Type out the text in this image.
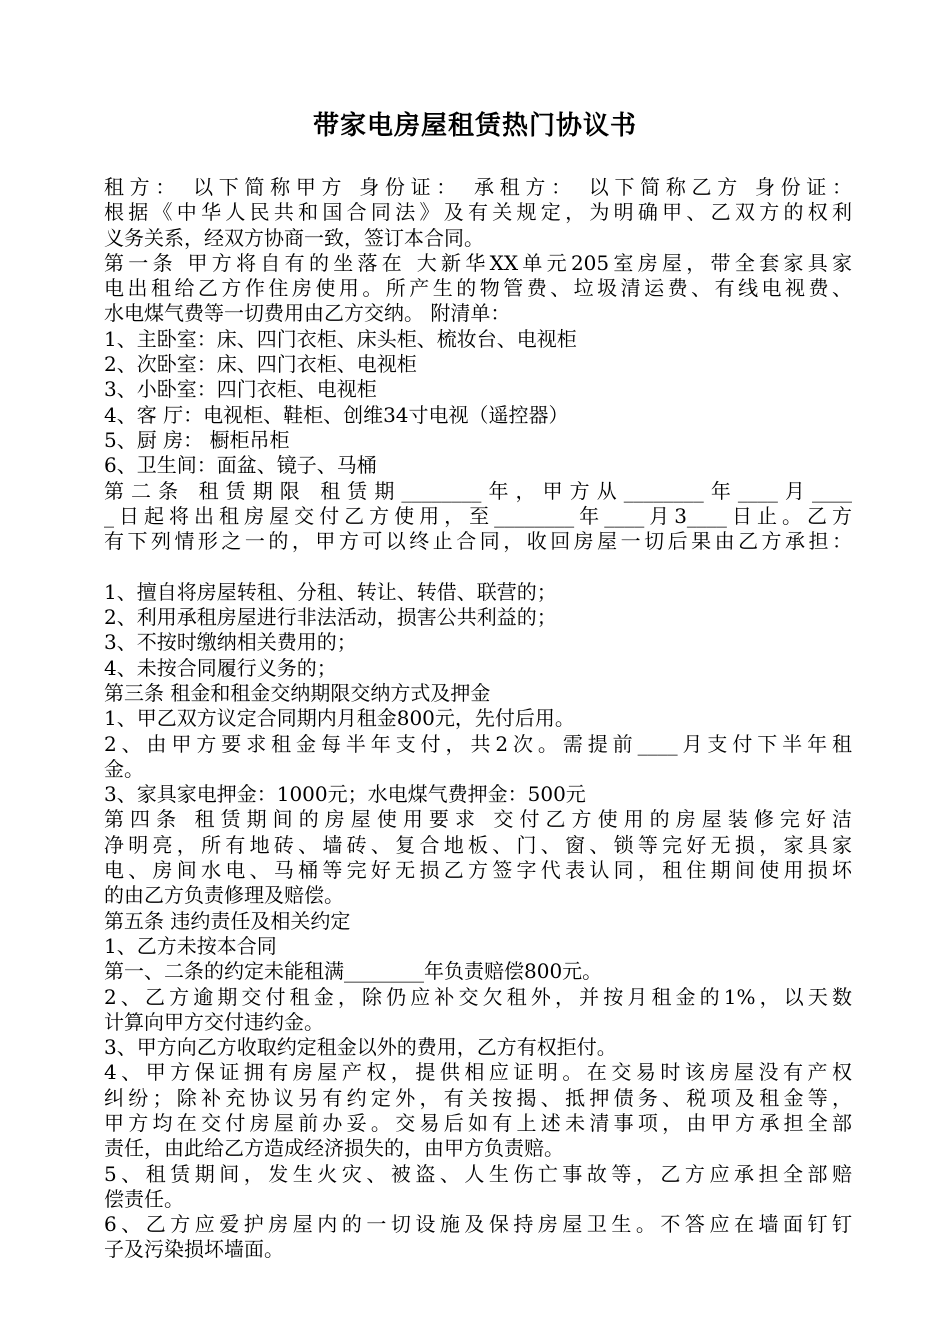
带家电房屋租赁热门协议书
租方： 以下简称甲方 身份证： 承租方： 以下简称乙方 身份证：
根据《中华人民共和国合同法》及有关规定，为明确甲、乙双方的权利
义务关系，经双方协商一致，签订本合同。
第一条 甲方将自有的坐落在 大新华XX单元205室房屋，带全套家具家
电出租给乙方作住房使用。所产生的物管费、垃圾清运费、有线电视费、
水电煤气费等一切费用由乙方交纳。 附清单：
1、主卧室：床、四门衣柜、床头柜、梳妆台、电视柜
2、次卧室：床、四门衣柜、电视柜
3、小卧室：四门衣柜、电视柜
4、客 厅：电视柜、鞋柜、创维34寸电视（遥控器）
5、厨 房： 橱柜吊柜
6、卫生间：面盆、镜子、马桶
第二条 租赁期限 租赁期________年，甲方从________年____月____
_日起将出租房屋交付乙方使用，至________年____月3____日止。乙方
有下列情形之一的，甲方可以终止合同，收回房屋一切后果由乙方承担：
1、擅自将房屋转租、分租、转让、转借、联营的；
2、利用承租房屋进行非法活动，损害公共利益的；
3、不按时缴纳相关费用的；
4、未按合同履行义务的；
第三条 租金和租金交纳期限交纳方式及押金
1、甲乙双方议定合同期内月租金800元，先付后用。
2、由甲方要求租金每半年支付，共2次。需提前____月支付下半年租
金。
3、家具家电押金：1000元；水电煤气费押金：500元
第四条 租赁期间的房屋使用要求 交付乙方使用的房屋装修完好洁
净明亮，所有地砖、墙砖、复合地板、门、窗、锁等完好无损，家具家
电、房间水电、马桶等完好无损乙方签字代表认同，租住期间使用损坏
的由乙方负责修理及赔偿。
第五条 违约责任及相关约定
1、乙方未按本合同
第一、二条的约定未能租满________年负责赔偿800元。
2、乙方逾期交付租金，除仍应补交欠租外，并按月租金的1%，以天数
计算向甲方交付违约金。
3、甲方向乙方收取约定租金以外的费用，乙方有权拒付。
4、甲方保证拥有房屋产权，提供相应证明。在交易时该房屋没有产权
纠纷；除补充协议另有约定外，有关按揭、抵押债务、税项及租金等，
甲方均在交付房屋前办妥。交易后如有上述未清事项，由甲方承担全部
责任，由此给乙方造成经济损失的，由甲方负责赔。
5、租赁期间，发生火灾、被盗、人生伤亡事故等，乙方应承担全部赔
偿责任。
6、乙方应爱护房屋内的一切设施及保持房屋卫生。不答应在墙面钉钉
子及污染损坏墙面。
